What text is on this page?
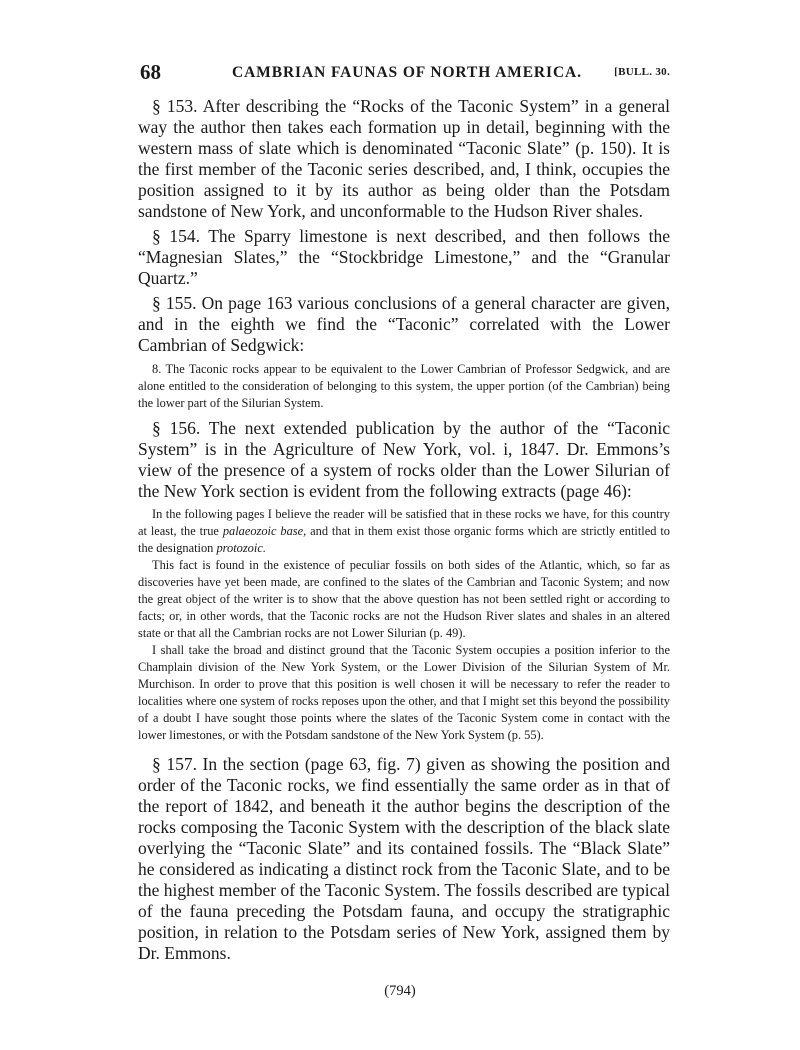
68	CAMBRIAN FAUNAS OF NORTH AMERICA.	[BULL. 30.

§ 153. After describing the “Rocks of the Taconic System” in a general way the author then takes each formation up in detail, beginning with the western mass of slate which is denominated “Taconic Slate” (p. 150). It is the first member of the Taconic series described, and, I think, occupies the position assigned to it by its author as being older than the Potsdam sandstone of New York, and unconformable to the Hudson River shales.

§ 154. The Sparry limestone is next described, and then follows the “Magnesian Slates,” the “Stockbridge Limestone,” and the “Granular Quartz.”

§ 155. On page 163 various conclusions of a general character are given, and in the eighth we find the “Taconic” correlated with the Lower Cambrian of Sedgwick:

8. The Taconic rocks appear to be equivalent to the Lower Cambrian of Professor Sedgwick, and are alone entitled to the consideration of belonging to this system, the upper portion (of the Cambrian) being the lower part of the Silurian System.

§ 156. The next extended publication by the author of the “Taconic System” is in the Agriculture of New York, vol. i, 1847. Dr. Emmons’s view of the presence of a system of rocks older than the Lower Silurian of the New York section is evident from the following extracts (page 46):

In the following pages I believe the reader will be satisfied that in these rocks we have, for this country at least, the true palaeozoic base, and that in them exist those organic forms which are strictly entitled to the designation protozoic.

This fact is found in the existence of peculiar fossils on both sides of the Atlantic, which, so far as discoveries have yet been made, are confined to the slates of the Cambrian and Taconic System; and now the great object of the writer is to show that the above question has not been settled right or according to facts; or, in other words, that the Taconic rocks are not the Hudson River slates and shales in an altered state or that all the Cambrian rocks are not Lower Silurian (p. 49).

I shall take the broad and distinct ground that the Taconic System occupies a position inferior to the Champlain division of the New York System, or the Lower Division of the Silurian System of Mr. Murchison. In order to prove that this position is well chosen it will be necessary to refer the reader to localities where one system of rocks reposes upon the other, and that I might set this beyond the possibility of a doubt I have sought those points where the slates of the Taconic System come in contact with the lower limestones, or with the Potsdam sandstone of the New York System (p. 55).

§ 157. In the section (page 63, fig. 7) given as showing the position and order of the Taconic rocks, we find essentially the same order as in that of the report of 1842, and beneath it the author begins the description of the rocks composing the Taconic System with the description of the black slate overlying the “Taconic Slate” and its contained fossils. The “Black Slate” he considered as indicating a distinct rock from the Taconic Slate, and to be the highest member of the Taconic System. The fossils described are typical of the fauna preceding the Potsdam fauna, and occupy the stratigraphic position, in relation to the Potsdam series of New York, assigned them by Dr. Emmons.

(794)
